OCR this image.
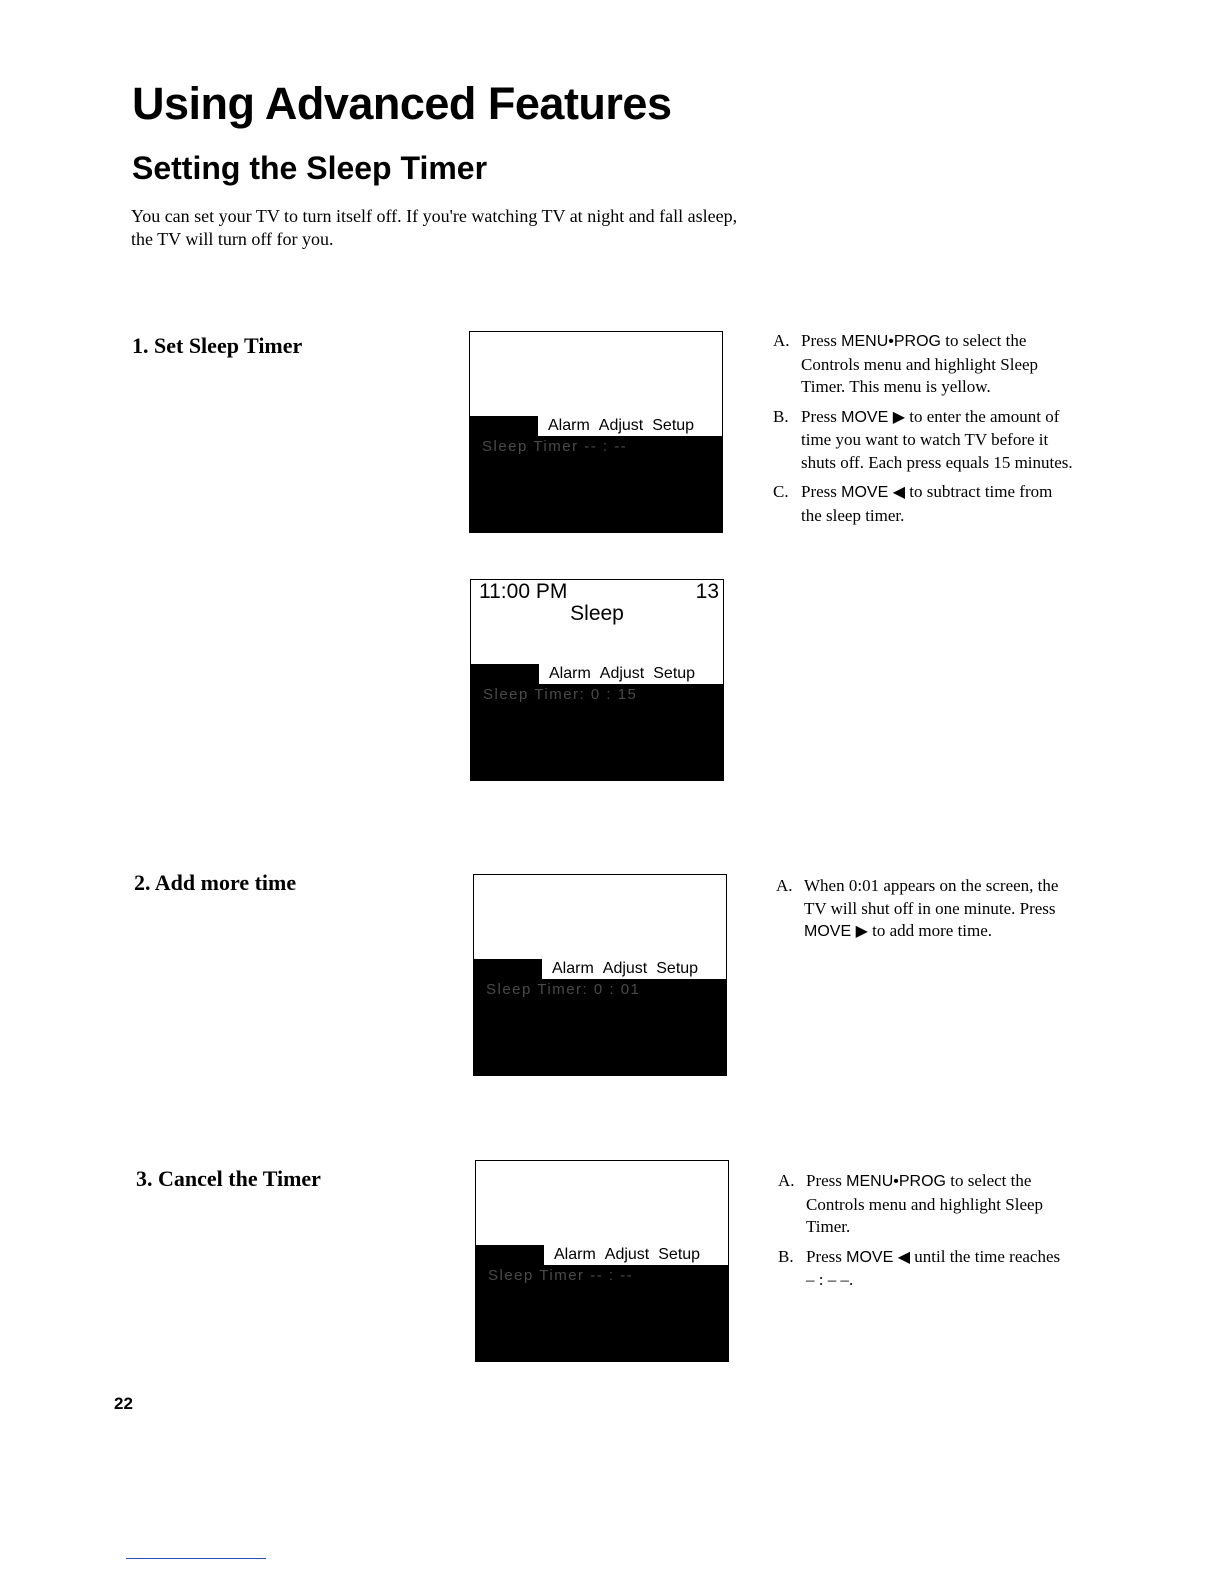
Using Advanced Features
Setting the Sleep Timer

You can set your TV to turn itself off. If you're watching TV at night and fall asleep, the TV will turn off for you.

1. Set Sleep Timer
Alarm Adjust Setup
Sleep Timer -- : --
11:00 PM	13
Sleep
Alarm Adjust Setup
Sleep Timer: 0 : 15
A. Press MENU•PROG to select the Controls menu and highlight Sleep Timer. This menu is yellow.
B. Press MOVE ▶ to enter the amount of time you want to watch TV before it shuts off. Each press equals 15 minutes.
C. Press MOVE ◀ to subtract time from the sleep timer.
2. Add more time
Alarm Adjust Setup
Sleep Timer: 0 : 01
A. When 0:01 appears on the screen, the TV will shut off in one minute. Press MOVE ▶ to add more time.
3. Cancel the Timer
Alarm Adjust Setup
Sleep Timer -- : --
A. Press MENU•PROG to select the Controls menu and highlight Sleep Timer.
B. Press MOVE ◀ until the time reaches – : – –.
22
